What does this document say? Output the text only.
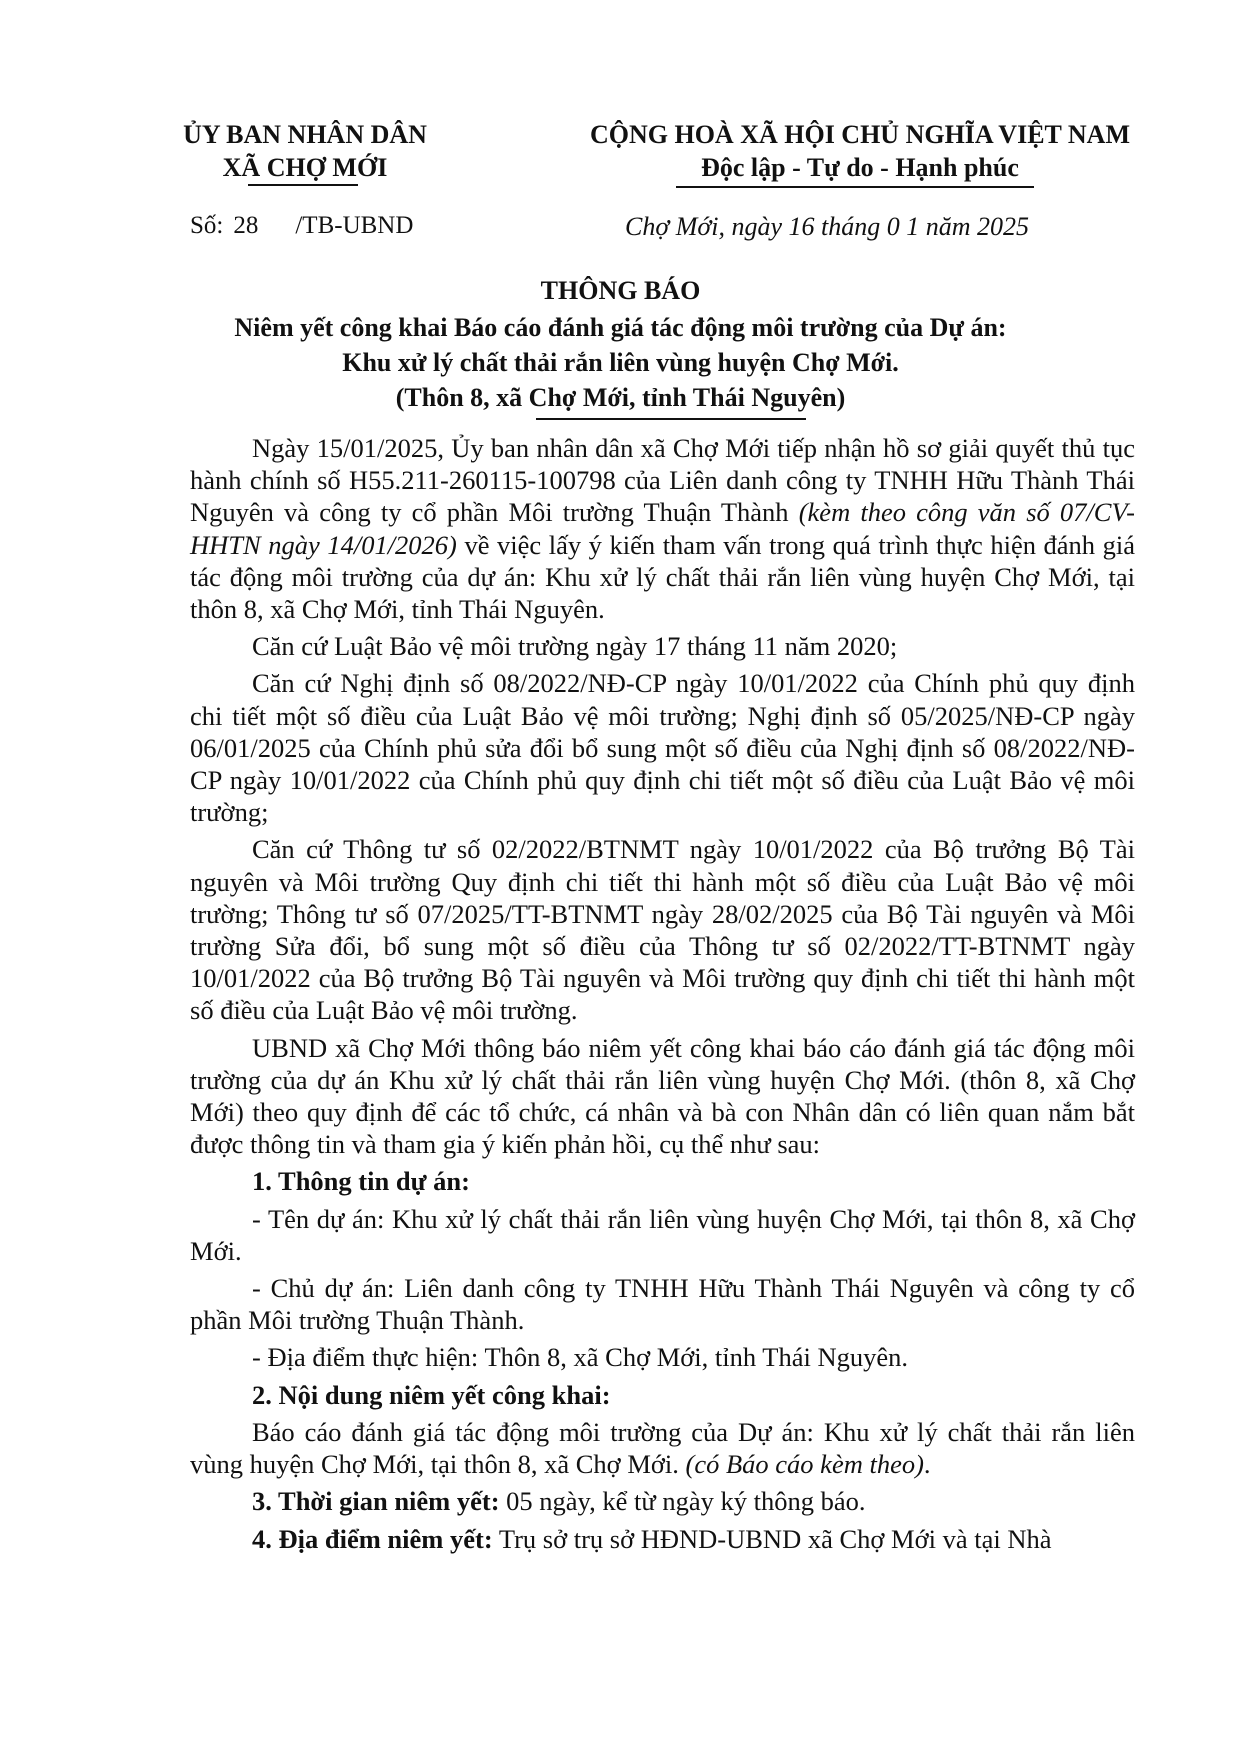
ỦY BAN NHÂN DÂN
XÃ CHỢ MỚI
CỘNG HOÀ XÃ HỘI CHỦ NGHĨA VIỆT NAM
Độc lập - Tự do - Hạnh phúc
Số: 28 /TB-UBND	Chợ Mới, ngày 16 tháng 0 1 năm 2025
THÔNG BÁO
Niêm yết công khai Báo cáo đánh giá tác động môi trường của Dự án:
Khu xử lý chất thải rắn liên vùng huyện Chợ Mới.
(Thôn 8, xã Chợ Mới, tỉnh Thái Nguyên)

Ngày 15/01/2025, Ủy ban nhân dân xã Chợ Mới tiếp nhận hồ sơ giải quyết thủ tục hành chính số H55.211-260115-100798 của Liên danh công ty TNHH Hữu Thành Thái Nguyên và công ty cổ phần Môi trường Thuận Thành (kèm theo công văn số 07/CV-HHTN ngày 14/01/2026) về việc lấy ý kiến tham vấn trong quá trình thực hiện đánh giá tác động môi trường của dự án: Khu xử lý chất thải rắn liên vùng huyện Chợ Mới, tại thôn 8, xã Chợ Mới, tỉnh Thái Nguyên.

Căn cứ Luật Bảo vệ môi trường ngày 17 tháng 11 năm 2020;

Căn cứ Nghị định số 08/2022/NĐ-CP ngày 10/01/2022 của Chính phủ quy định chi tiết một số điều của Luật Bảo vệ môi trường; Nghị định số 05/2025/NĐ-CP ngày 06/01/2025 của Chính phủ sửa đổi bổ sung một số điều của Nghị định số 08/2022/NĐ-CP ngày 10/01/2022 của Chính phủ quy định chi tiết một số điều của Luật Bảo vệ môi trường;

Căn cứ Thông tư số 02/2022/BTNMT ngày 10/01/2022 của Bộ trưởng Bộ Tài nguyên và Môi trường Quy định chi tiết thi hành một số điều của Luật Bảo vệ môi trường; Thông tư số 07/2025/TT-BTNMT ngày 28/02/2025 của Bộ Tài nguyên và Môi trường Sửa đổi, bổ sung một số điều của Thông tư số 02/2022/TT-BTNMT ngày 10/01/2022 của Bộ trưởng Bộ Tài nguyên và Môi trường quy định chi tiết thi hành một số điều của Luật Bảo vệ môi trường.

UBND xã Chợ Mới thông báo niêm yết công khai báo cáo đánh giá tác động môi trường của dự án Khu xử lý chất thải rắn liên vùng huyện Chợ Mới. (thôn 8, xã Chợ Mới) theo quy định để các tổ chức, cá nhân và bà con Nhân dân có liên quan nắm bắt được thông tin và tham gia ý kiến phản hồi, cụ thể như sau:

1. Thông tin dự án:

- Tên dự án: Khu xử lý chất thải rắn liên vùng huyện Chợ Mới, tại thôn 8, xã Chợ Mới.

- Chủ dự án: Liên danh công ty TNHH Hữu Thành Thái Nguyên và công ty cổ phần Môi trường Thuận Thành.

- Địa điểm thực hiện: Thôn 8, xã Chợ Mới, tỉnh Thái Nguyên.

2. Nội dung niêm yết công khai:

Báo cáo đánh giá tác động môi trường của Dự án: Khu xử lý chất thải rắn liên vùng huyện Chợ Mới, tại thôn 8, xã Chợ Mới. (có Báo cáo kèm theo).

3. Thời gian niêm yết: 05 ngày, kể từ ngày ký thông báo.

4. Địa điểm niêm yết: Trụ sở trụ sở HĐND-UBND xã Chợ Mới và tại Nhà
